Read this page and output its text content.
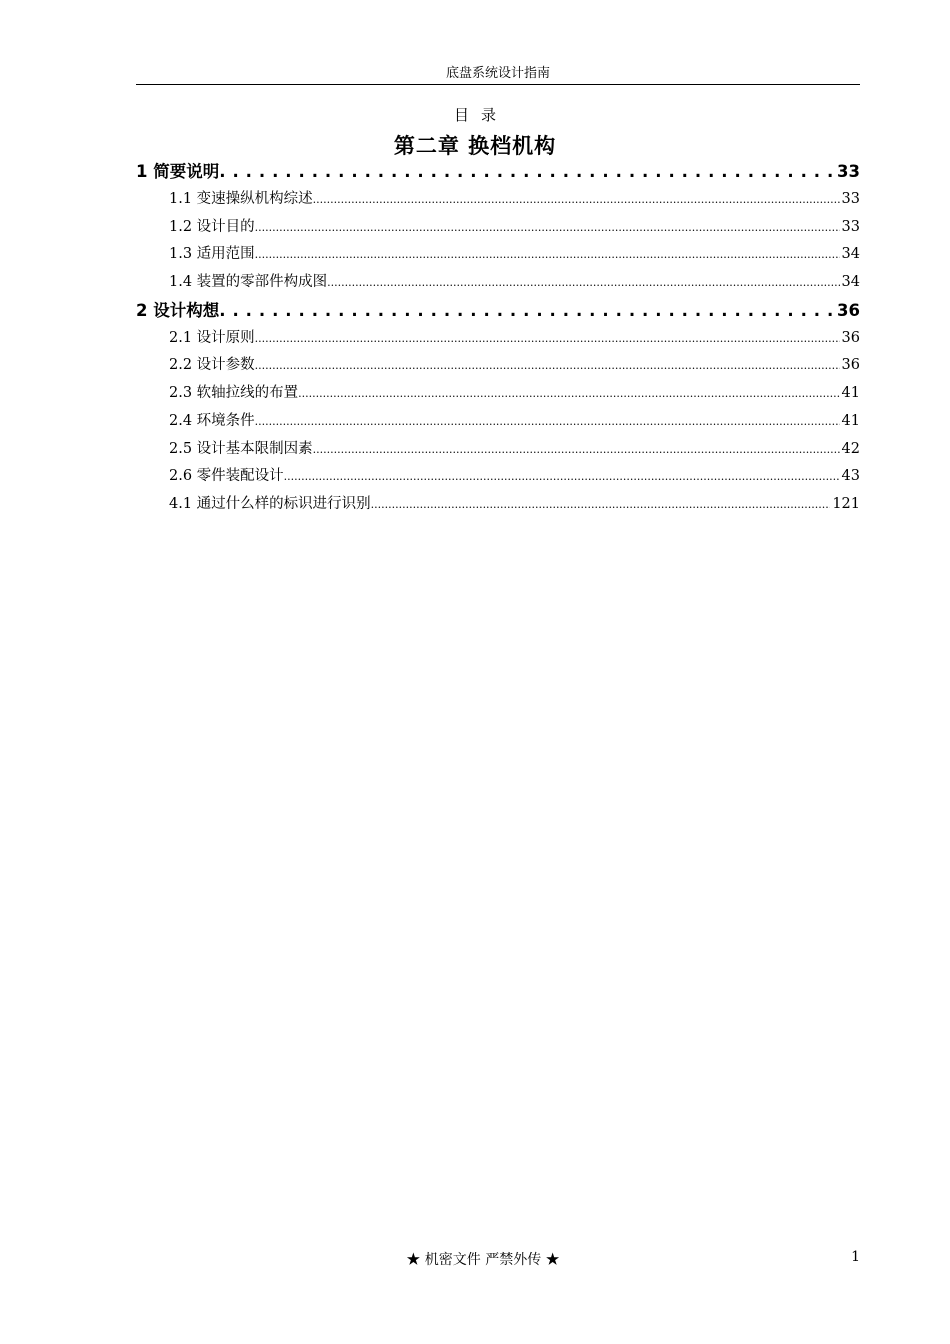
底盘系统设计指南
目录
第二章 换档机构
1 简要说明 . . .	33
1.1 变速操纵机构综述 .....	33
1.2 设计目的 .....	33
1.3 适用范围 .....	34
1.4 装置的零部件构成图 .....	34
2 设计构想 . . .	36
2.1 设计原则 .....	36
2.2 设计参数 .....	36
2.3 软轴拉线的布置 .....	41
2.4 环境条件 .....	41
2.5 设计基本限制因素 .....	42
2.6 零件装配设计 .....	43
4.1 通过什么样的标识进行识别 .....	121
★ 机密文件 严禁外传 ★	1
